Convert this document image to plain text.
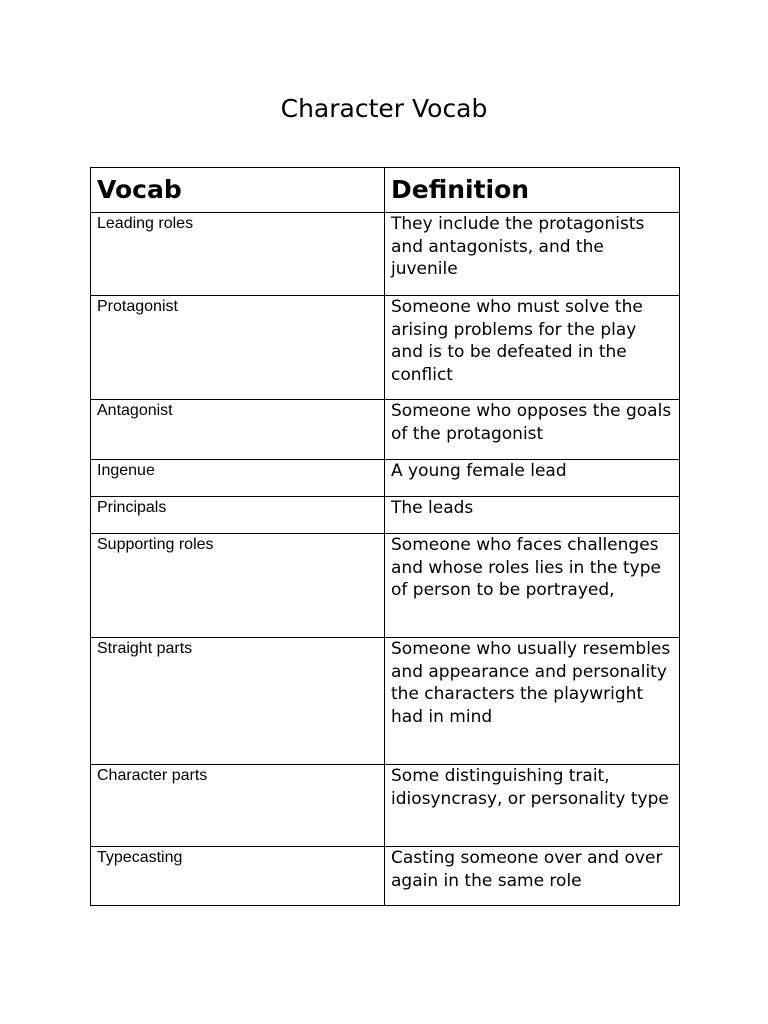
Character Vocab
Vocab	Definition
Leading roles	They include the protagonists and antagonists, and the juvenile
Protagonist	Someone who must solve the arising problems for the play and is to be defeated in the conflict
Antagonist	Someone who opposes the goals of the protagonist
Ingenue	A young female lead
Principals	The leads
Supporting roles	Someone who faces challenges and whose roles lies in the type of person to be portrayed,
Straight parts	Someone who usually resembles and appearance and personality the characters the playwright had in mind
Character parts	Some distinguishing trait, idiosyncrasy, or personality type
Typecasting	Casting someone over and over again in the same role
